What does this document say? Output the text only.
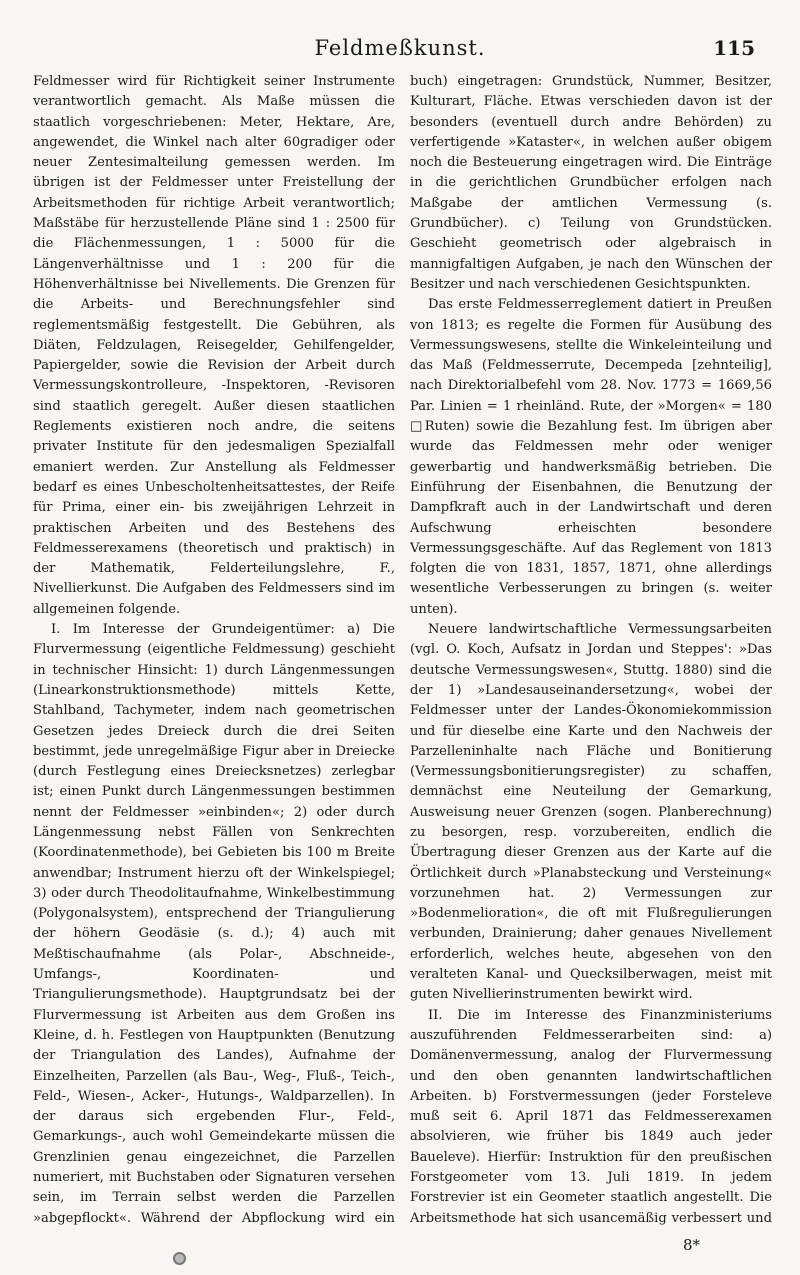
Feldmeßkunst.	115

Feldmesser wird für Richtigkeit seiner Instrumente verantwortlich gemacht. Als Maße müssen die staatlich vorgeschriebenen: Meter, Hektare, Are, angewendet, die Winkel nach alter 60gradiger oder neuer Zentesimalteilung gemessen werden. Im übrigen ist der Feldmesser unter Freistellung der Arbeitsmethoden für richtige Arbeit verantwortlich; Maßstäbe für herzustellende Pläne sind 1 : 2500 für die Flächenmessungen, 1 : 5000 für die Längenverhältnisse und 1 : 200 für die Höhenverhältnisse bei Nivellements. Die Grenzen für die Arbeits- und Berechnungsfehler sind reglementsmäßig festgestellt. Die Gebühren, als Diäten, Feldzulagen, Reisegelder, Gehilfengelder, Papiergelder, sowie die Revision der Arbeit durch Vermessungskontrolleure, -Inspektoren, -Revisoren sind staatlich geregelt. Außer diesen staatlichen Reglements existieren noch andre, die seitens privater Institute für den jedesmaligen Spezialfall emaniert werden. Zur Anstellung als Feldmesser bedarf es eines Unbescholtenheitsattestes, der Reife für Prima, einer ein- bis zweijährigen Lehrzeit in praktischen Arbeiten und des Bestehens des Feldmesserexamens (theoretisch und praktisch) in der Mathematik, Felderteilungslehre, F., Nivellierkunst. Die Aufgaben des Feldmessers sind im allgemeinen folgende.

I. Im Interesse der Grundeigentümer: a) Die Flurvermessung (eigentliche Feldmessung) geschieht in technischer Hinsicht: 1) durch Längenmessungen (Linearkonstruktionsmethode) mittels Kette, Stahlband, Tachymeter, indem nach geometrischen Gesetzen jedes Dreieck durch die drei Seiten bestimmt, jede unregelmäßige Figur aber in Dreiecke (durch Festlegung eines Dreiecksnetzes) zerlegbar ist; einen Punkt durch Längenmessungen bestimmen nennt der Feldmesser »einbinden«; 2) oder durch Längenmessung nebst Fällen von Senkrechten (Koordinatenmethode), bei Gebieten bis 100 m Breite anwendbar; Instrument hierzu oft der Winkelspiegel; 3) oder durch Theodolitaufnahme, Winkelbestimmung (Polygonalsystem), entsprechend der Triangulierung der höhern Geodäsie (s. d.); 4) auch mit Meßtischaufnahme (als Polar-, Abschneide-, Umfangs-, Koordinaten- und Triangulierungsmethode). Hauptgrundsatz bei der Flurvermessung ist Arbeiten aus dem Großen ins Kleine, d. h. Festlegen von Hauptpunkten (Benutzung der Triangulation des Landes), Aufnahme der Einzelheiten, Parzellen (als Bau-, Weg-, Fluß-, Teich-, Feld-, Wiesen-, Acker-, Hutungs-, Waldparzellen). In der daraus sich ergebenden Flur-, Feld-, Gemarkungs-, auch wohl Gemeindekarte müssen die Grenzlinien genau eingezeichnet, die Parzellen numeriert, mit Buchstaben oder Signaturen versehen sein, im Terrain selbst werden die Parzellen »abgepflockt«. Während der Abpflockung wird ein

buch) eingetragen: Grundstück, Nummer, Besitzer, Kulturart, Fläche. Etwas verschieden davon ist der besonders (eventuell durch andre Behörden) zu verfertigende »Kataster«, in welchen außer obigem noch die Besteuerung eingetragen wird. Die Einträge in die gerichtlichen Grundbücher erfolgen nach Maßgabe der amtlichen Vermessung (s. Grundbücher). c) Teilung von Grundstücken. Geschieht geometrisch oder algebraisch in mannigfaltigen Aufgaben, je nach den Wünschen der Besitzer und nach verschiedenen Gesichtspunkten.

Das erste Feldmesserreglement datiert in Preußen von 1813; es regelte die Formen für Ausübung des Vermessungswesens, stellte die Winkeleinteilung und das Maß (Feldmesserrute, Decempeda [zehnteilig], nach Direktorialbefehl vom 28. Nov. 1773 = 1669,56 Par. Linien = 1 rheinländ. Rute, der »Morgen« = 180 □Ruten) sowie die Bezahlung fest. Im übrigen aber wurde das Feldmessen mehr oder weniger gewerbartig und handwerksmäßig betrieben. Die Einführung der Eisenbahnen, die Benutzung der Dampfkraft auch in der Landwirtschaft und deren Aufschwung erheischten besondere Vermessungsgeschäfte. Auf das Reglement von 1813 folgten die von 1831, 1857, 1871, ohne allerdings wesentliche Verbesserungen zu bringen (s. weiter unten).

Neuere landwirtschaftliche Vermessungsarbeiten (vgl. O. Koch, Aufsatz in Jordan und Steppes': »Das deutsche Vermessungswesen«, Stuttg. 1880) sind die der 1) »Landesauseinandersetzung«, wobei der Feldmesser unter der Landes-Ökonomiekommission und für dieselbe eine Karte und den Nachweis der Parzelleninhalte nach Fläche und Bonitierung (Vermessungsbonitierungsregister) zu schaffen, demnächst eine Neuteilung der Gemarkung, Ausweisung neuer Grenzen (sogen. Planberechnung) zu besorgen, resp. vorzubereiten, endlich die Übertragung dieser Grenzen aus der Karte auf die Örtlichkeit durch »Planabsteckung und Versteinung« vorzunehmen hat. 2) Vermessungen zur »Bodenmelioration«, die oft mit Flußregulierungen verbunden, Drainierung; daher genaues Nivellement erforderlich, welches heute, abgesehen von den veralteten Kanal- und Quecksilberwagen, meist mit guten Nivellierinstrumenten bewirkt wird.

II. Die im Interesse des Finanzministeriums auszuführenden Feldmesserarbeiten sind: a) Domänenvermessung, analog der Flurvermessung und den oben genannten landwirtschaftlichen Arbeiten. b) Forstvermessungen (jeder Forsteleve muß seit 6. April 1871 das Feldmesserexamen absolvieren, wie früher bis 1849 auch jeder Baueleve). Hierfür: Instruktion für den preußischen Forstgeometer vom 13. Juli 1819. In jedem Forstrevier ist ein Geometer staatlich angestellt. Die Arbeitsmethode hat sich usancemäßig verbessert und

8*
